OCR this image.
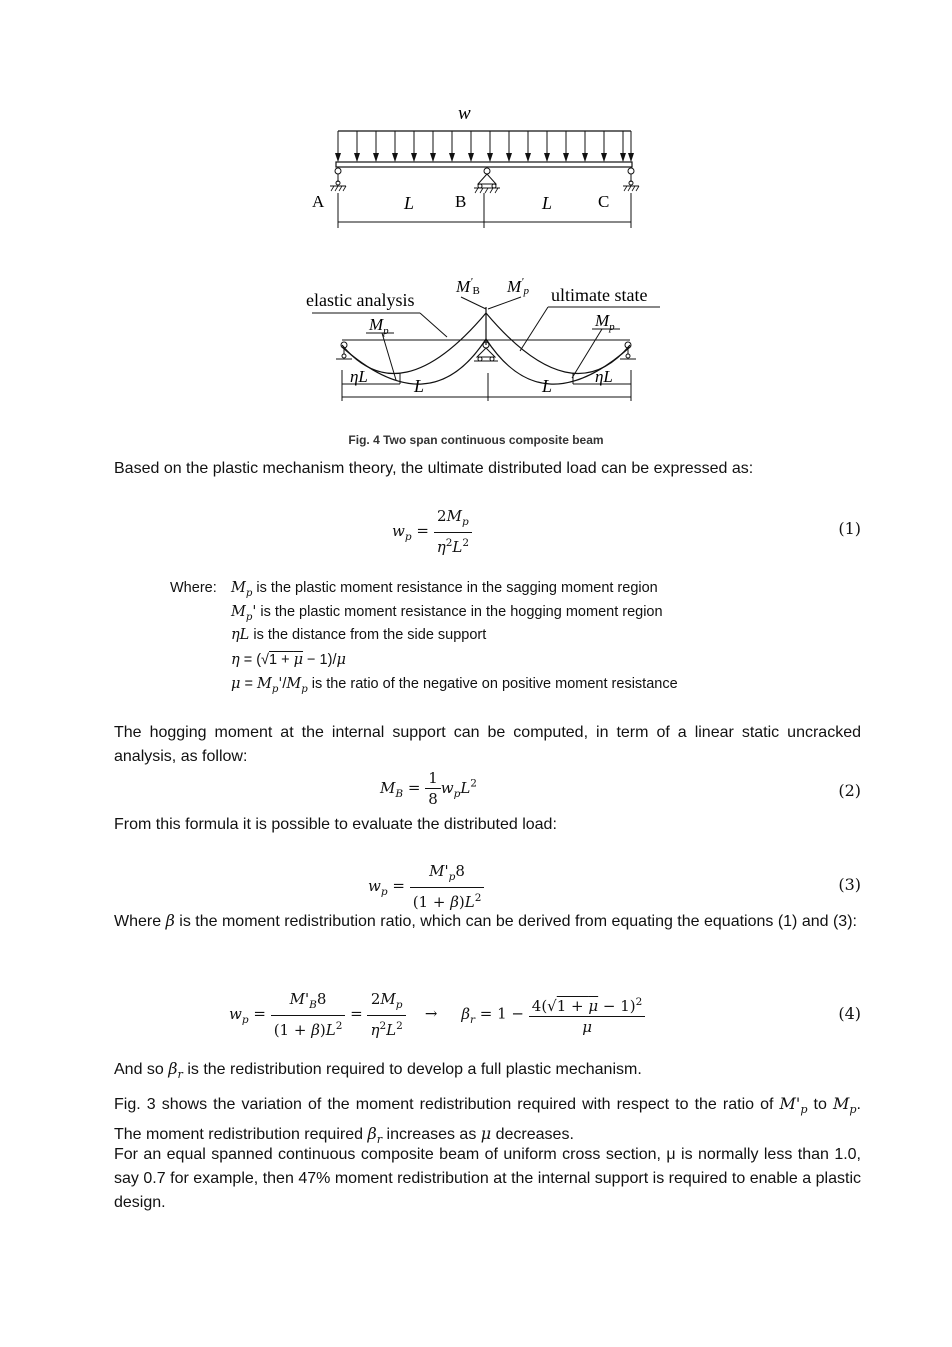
w
A	L B	L	C
elastic analysis	ultimate state
$M'_B$ $M'_p$
$M_p$
$M_p$
ηL	L	L	ηL
Fig. 4 Two span continuous composite beam
Based on the plastic mechanism theory, the ultimate distributed load can be expressed as:
$w_p = \frac{2M_p}{\eta^2L^2}$	(1)
Where: $M_p$ is the plastic moment resistance in the sagging moment region
$M_p'$ is the plastic moment resistance in the hogging moment region
ηL is the distance from the side support
η = (√1 + μ − 1)/μ
$\mu = M_p'/M_p$ is the ratio of the negative on positive moment resistance
The hogging moment at the internal support can be computed, in term of a linear static uncracked analysis, as follow:
$M_B = \frac{1}{8} w_pL^2$	(2)
From this formula it is possible to evaluate the distributed load:
$w_p = \frac{M'_p8}{(1 + \beta)L^2}$	(3)
Where β is the moment redistribution ratio, which can be derived from equating the equations (1) and (3):
$w_p = \frac{M'_B8}{(1 + \beta)L^2} = \frac{2M_p}{\eta^2L^2}$ →     $\beta_r = 1 - \frac{4(√1 + \mu - 1)^2}{\mu}$	(4)
And so $\beta_r$ is the redistribution required to develop a full plastic mechanism.
Fig. 3 shows the variation of the moment redistribution required with respect to the ratio of $M'_p$ to $M_p$. The moment redistribution required $\beta_r$ increases as μ decreases.
For an equal spanned continuous composite beam of uniform cross section, μ is normally less than 1.0, say 0.7 for example, then 47% moment redistribution at the internal support is required to enable a plastic design.
